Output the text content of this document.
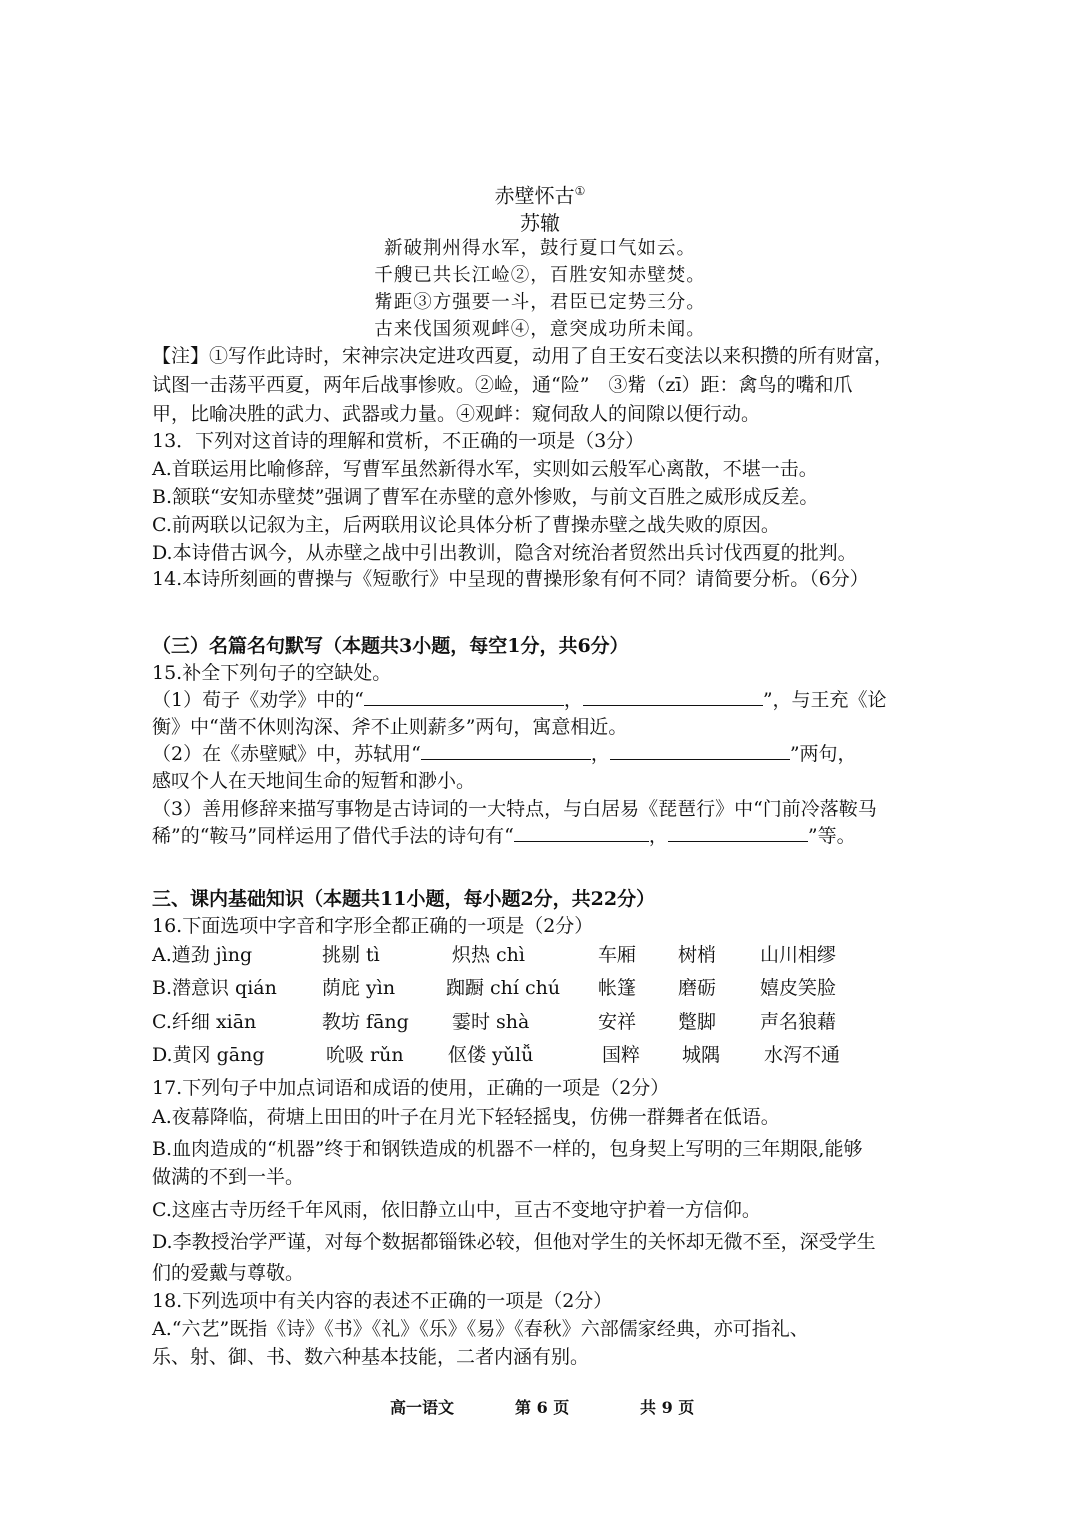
赤壁怀古①
苏辙
新破荆州得水军，鼓行夏口气如云。
千艘已共长江崄②，百胜安知赤壁焚。
觜距③方强要一斗，君臣已定势三分。
古来伐国须观衅④，意突成功所未闻。
【注】①写作此诗时，宋神宗决定进攻西夏，动用了自王安石变法以来积攒的所有财富，
试图一击荡平西夏，两年后战事惨败。②崄，通“险”　③觜（zī）距：禽鸟的嘴和爪
甲，比喻决胜的武力、武器或力量。④观衅：窥伺敌人的间隙以便行动。
13．下列对这首诗的理解和赏析，不正确的一项是（3分）
A.首联运用比喻修辞，写曹军虽然新得水军，实则如云般军心离散，不堪一击。
B.颔联“安知赤壁焚”强调了曹军在赤壁的意外惨败，与前文百胜之威形成反差。
C.前两联以记叙为主，后两联用议论具体分析了曹操赤壁之战失败的原因。
D.本诗借古讽今，从赤壁之战中引出教训，隐含对统治者贸然出兵讨伐西夏的批判。
14.本诗所刻画的曹操与《短歌行》中呈现的曹操形象有何不同？请简要分析。（6分）
（三）名篇名句默写（本题共3小题，每空1分，共6分）
15.补全下列句子的空缺处。
（1）荀子《劝学》中的“	，	”，与王充《论
衡》中“凿不休则沟深、斧不止则薪多”两句，寓意相近。
（2）在《赤壁赋》中，苏轼用“	，	”两句，
感叹个人在天地间生命的短暂和渺小。
（3）善用修辞来描写事物是古诗词的一大特点，与白居易《琵琶行》中“门前冷落鞍马
稀”的“鞍马”同样运用了借代手法的诗句有“	，	”等。
三、课内基础知识（本题共11小题，每小题2分，共22分）
16.下面选项中字音和字形全都正确的一项是（2分）
A.遒劲 jìng	挑剔 tì	炽热 chì	车厢 树梢 山川相缪
B.潜意识 qián 荫庇 yìn	踟蹰 chí chú 帐篷 磨砺 嬉皮笑脸
C.纤细 xiān	教坊 fāng 霎时 shà	安祥 蹩脚 声名狼藉
D.黄冈 gāng	吮吸 rǔn 伛偻 yǔlǚ	国粹 城隅 水泻不通
17.下列句子中加点词语和成语的使用，正确的一项是（2分）
A.夜幕降临，荷塘上田田的叶子在月光下轻轻摇曳，仿佛一群舞者在低语。
B.血肉造成的“机器”终于和钢铁造成的机器不一样的，包身契上写明的三年期限,能够
做满的不到一半。
C.这座古寺历经千年风雨，依旧静立山中，亘古不变地守护着一方信仰。
D.李教授治学严谨，对每个数据都锱铢必较，但他对学生的关怀却无微不至，深受学生
们的爱戴与尊敬。
18.下列选项中有关内容的表述不正确的一项是（2分）
A.“六艺”既指《诗》《书》《礼》《乐》《易》《春秋》六部儒家经典，亦可指礼、
乐、射、御、书、数六种基本技能，二者内涵有别。
高一语文	第 6 页	共 9 页
